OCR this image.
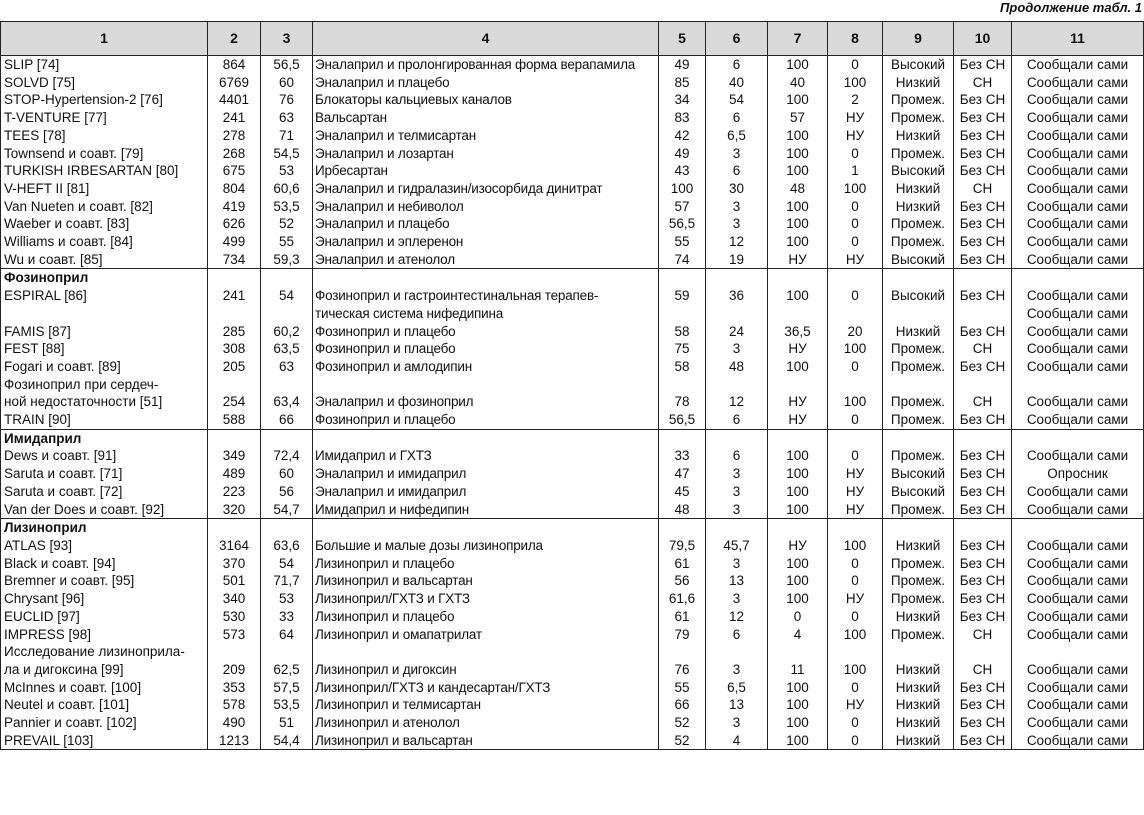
Продолжение табл. 1
1	2	3	4	5	6	7	8	9	10	11
SLIP [74]	864	56,5	Эналаприл и пролонгированная форма верапамила	49	6	100	0	Высокий	Без СН	Сообщали сами
SOLVD [75]	6769	60	Эналаприл и плацебо	85	40	40	100	Низкий	СН	Сообщали сами
STOP-Hypertension-2 [76]	4401	76	Блокаторы кальциевых каналов	34	54	100	2	Промеж.	Без СН	Сообщали сами
T-VENTURE [77]	241	63	Вальсартан	83	6	57	НУ	Промеж.	Без СН	Сообщали сами
TEES [78]	278	71	Эналаприл и телмисартан	42	6,5	100	НУ	Низкий	Без СН	Сообщали сами
Townsend и соавт. [79]	268	54,5	Эналаприл и лозартан	49	3	100	0	Промеж.	Без СН	Сообщали сами
TURKISH IRBESARTAN [80]	675	53	Ирбесартан	43	6	100	1	Высокий	Без СН	Сообщали сами
V-HEFT II [81]	804	60,6	Эналаприл и гидралазин/изосорбида динитрат	100	30	48	100	Низкий	СН	Сообщали сами
Van Nueten и соавт. [82]	419	53,5	Эналаприл и небиволол	57	3	100	0	Низкий	Без СН	Сообщали сами
Waeber и соавт. [83]	626	52	Эналаприл и плацебо	56,5	3	100	0	Промеж.	Без СН	Сообщали сами
Williams и соавт. [84]	499	55	Эналаприл и эплеренон	55	12	100	0	Промеж.	Без СН	Сообщали сами
Wu и соавт. [85]	734	59,3	Эналаприл и атенолол	74	19	НУ	НУ	Высокий	Без СН	Сообщали сами
Фозиноприл										
ESPIRAL [86]	241	54	Фозиноприл и гастроинтестинальная терапев-	59	36	100	0	Высокий	Без СН	Сообщали сами
			тическая система нифедипина							Сообщали сами
FAMIS [87]	285	60,2	Фозиноприл и плацебо	58	24	36,5	20	Низкий	Без СН	Сообщали сами
FEST [88]	308	63,5	Фозиноприл и плацебо	75	3	НУ	100	Промеж.	СН	Сообщали сами
Fogari и соавт. [89]	205	63	Фозиноприл и амлодипин	58	48	100	0	Промеж.	Без СН	Сообщали сами
Фозиноприл при сердеч-										
ной недостаточности [51]	254	63,4	Эналаприл и фозиноприл	78	12	НУ	100	Промеж.	СН	Сообщали сами
TRAIN [90]	588	66	Фозиноприл и плацебо	56,5	6	НУ	0	Промеж.	Без СН	Сообщали сами
Имидаприл										
Dews и соавт. [91]	349	72,4	Имидаприл и ГХТЗ	33	6	100	0	Промеж.	Без СН	Сообщали сами
Saruta и соавт. [71]	489	60	Эналаприл и имидаприл	47	3	100	НУ	Высокий	Без СН	Опросник
Saruta и соавт. [72]	223	56	Эналаприл и имидаприл	45	3	100	НУ	Высокий	Без СН	Сообщали сами
Van der Does и соавт. [92]	320	54,7	Имидаприл и нифедипин	48	3	100	НУ	Промеж.	Без СН	Сообщали сами
Лизиноприл										
ATLAS [93]	3164	63,6	Большие и малые дозы лизиноприла	79,5	45,7	НУ	100	Низкий	Без СН	Сообщали сами
Black и соавт. [94]	370	54	Лизиноприл и плацебо	61	3	100	0	Промеж.	Без СН	Сообщали сами
Bremner и соавт. [95]	501	71,7	Лизиноприл и вальсартан	56	13	100	0	Промеж.	Без СН	Сообщали сами
Chrysant [96]	340	53	Лизиноприл/ГХТЗ и ГХТЗ	61,6	3	100	НУ	Промеж.	Без СН	Сообщали сами
EUCLID [97]	530	33	Лизиноприл и плацебо	61	12	0	0	Низкий	Без СН	Сообщали сами
IMPRESS [98]	573	64	Лизиноприл и омапатрилат	79	6	4	100	Промеж.	СН	Сообщали сами
Исследование лизиноприла-										
ла и дигоксина [99]	209	62,5	Лизиноприл и дигоксин	76	3	11	100	Низкий	СН	Сообщали сами
McInnes и соавт. [100]	353	57,5	Лизиноприл/ГХТЗ и кандесартан/ГХТЗ	55	6,5	100	0	Низкий	Без СН	Сообщали сами
Neutel и соавт. [101]	578	53,5	Лизиноприл и телмисартан	66	13	100	НУ	Низкий	Без СН	Сообщали сами
Pannier и соавт. [102]	490	51	Лизиноприл и атенолол	52	3	100	0	Низкий	Без СН	Сообщали сами
PREVAIL [103]	1213	54,4	Лизиноприл и вальсартан	52	4	100	0	Низкий	Без СН	Сообщали сами
